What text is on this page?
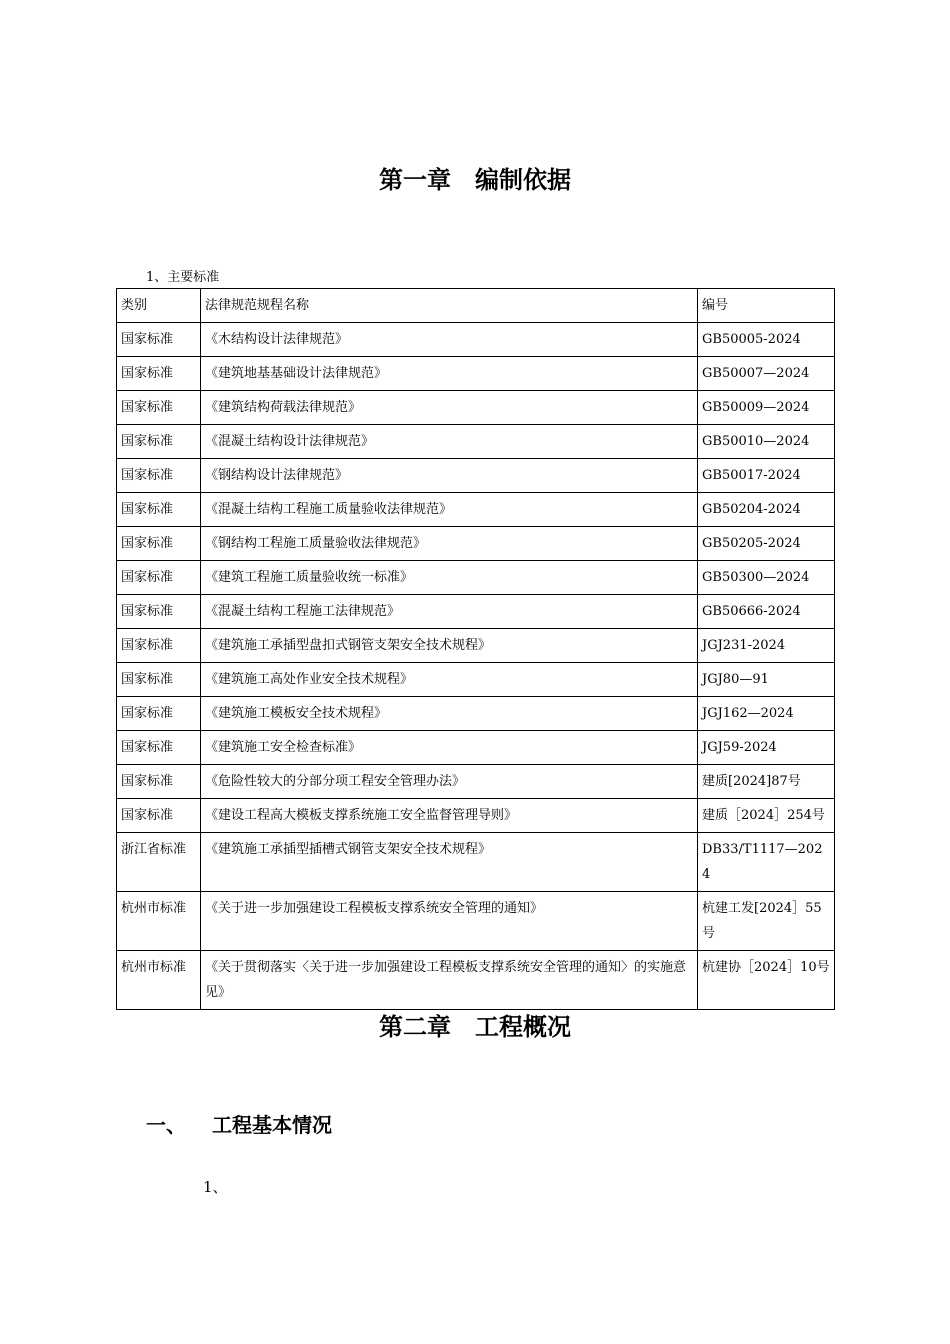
第一章　编制依据
1、主要标准
类别	法律规范规程名称	编号
国家标准	《木结构设计法律规范》	GB50005-2024
国家标准	《建筑地基基础设计法律规范》	GB50007—2024
国家标准	《建筑结构荷载法律规范》	GB50009—2024
国家标准	《混凝土结构设计法律规范》	GB50010—2024
国家标准	《钢结构设计法律规范》	GB50017-2024
国家标准	《混凝土结构工程施工质量验收法律规范》	GB50204-2024
国家标准	《钢结构工程施工质量验收法律规范》	GB50205-2024
国家标准	《建筑工程施工质量验收统一标准》	GB50300—2024
国家标准	《混凝土结构工程施工法律规范》	GB50666-2024
国家标准	《建筑施工承插型盘扣式钢管支架安全技术规程》	JGJ231-2024
国家标准	《建筑施工高处作业安全技术规程》	JGJ80—91
国家标准	《建筑施工模板安全技术规程》	JGJ162—2024
国家标准	《建筑施工安全检查标准》	JGJ59-2024
国家标准	《危险性较大的分部分项工程安全管理办法》	建质[2024]87号
国家标准	《建设工程高大模板支撑系统施工安全监督管理导则》	建质［2024］254号
浙江省标准	《建筑施工承插型插槽式钢管支架安全技术规程》	DB33/T1117—2024
杭州市标准	《关于进一步加强建设工程模板支撑系统安全管理的通知》	杭建工发[2024］55号
杭州市标准	《关于贯彻落实〈关于进一步加强建设工程模板支撑系统安全管理的通知〉的实施意见》	杭建协［2024］10号
第二章　工程概况
一、 工程基本情况
1、
